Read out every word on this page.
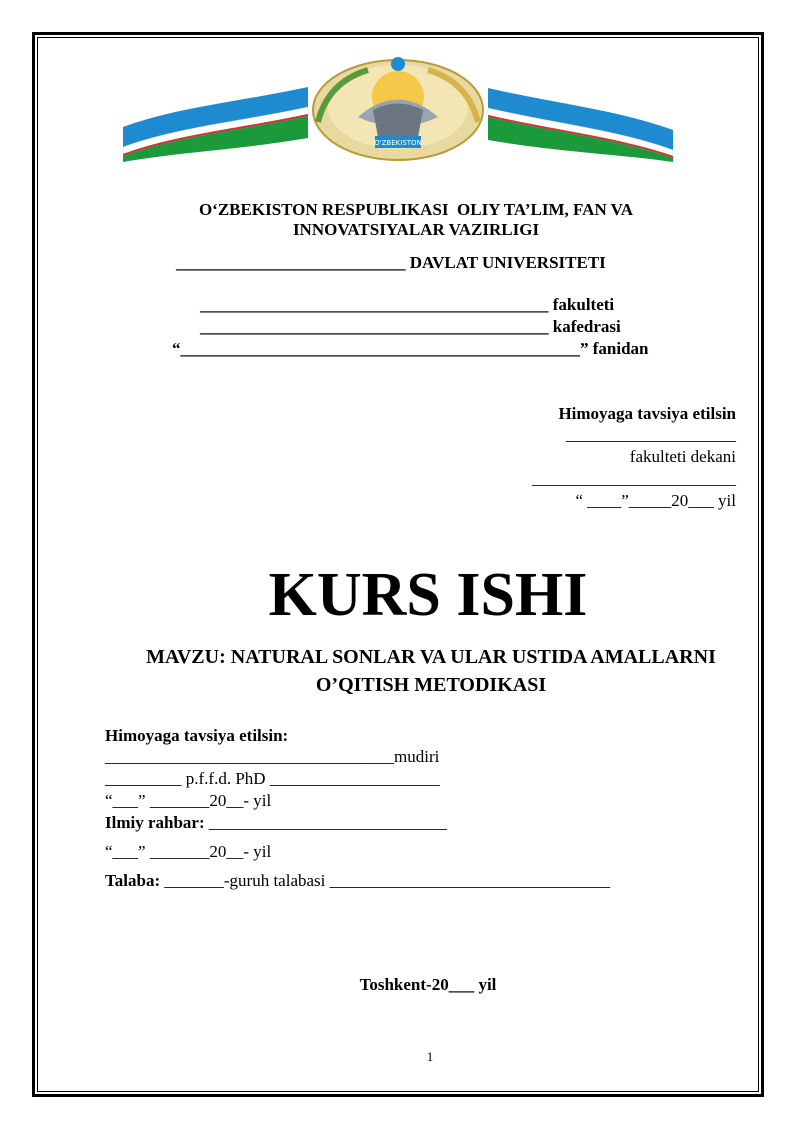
O'ZBEKISTON
O‘ZBEKISTON RESPUBLIKASI  OLIY TA’LIM, FAN VA
INNOVATSIYALAR VAZIRLIGI
___________________________ DAVLAT UNIVERSITETI
_________________________________________ fakulteti
_________________________________________ kafedrasi
“_______________________________________________” fanidan
Himoyaga tavsiya etilsin
____________________
fakulteti dekani
________________________
“ ____”_____20___ yil
KURS ISHI
MAVZU: NATURAL SONLAR VA ULAR USTIDA AMALLARNI
O’QITISH METODIKASI
Himoyaga tavsiya etilsin:
__________________________________mudiri
_________ p.f.f.d. PhD ____________________
“___” _______20__- yil
Ilmiy rahbar: ____________________________
“___” _______20__- yil
Talaba: _______-guruh talabasi _________________________________
Toshkent-20___ yil
1
